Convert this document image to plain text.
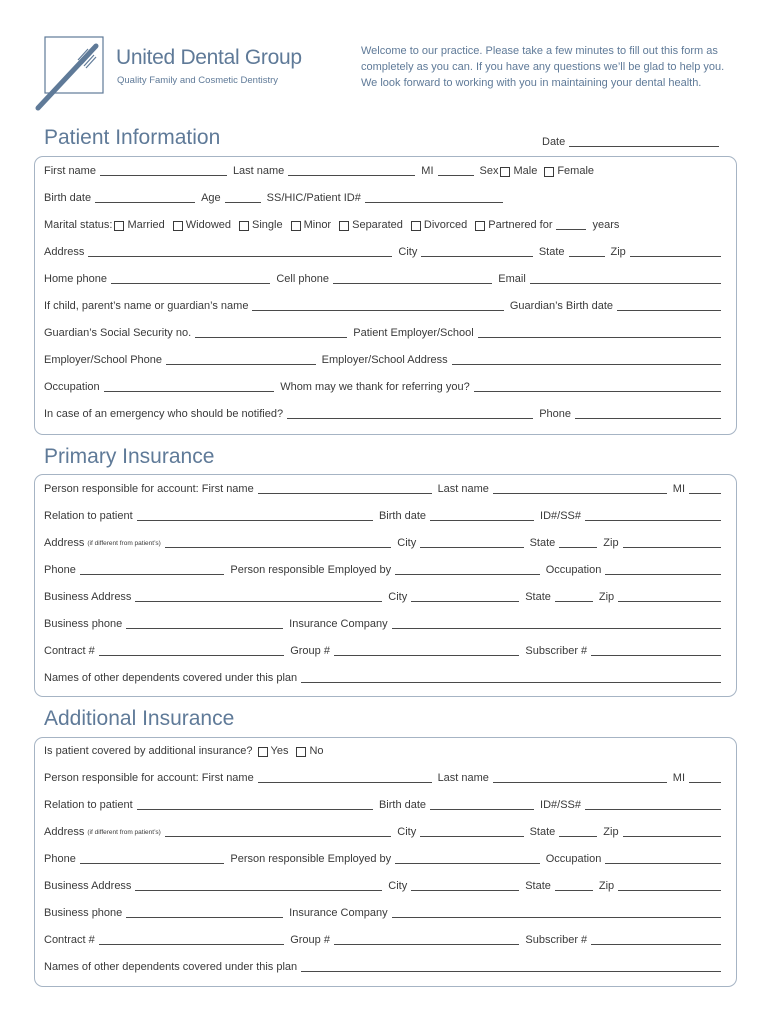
United Dental Group
Quality Family and Cosmetic Dentistry
Welcome to our practice. Please take a few minutes to fill out this form as
completely as you can. If you have any questions we’ll be glad to help you.
We look forward to working with you in maintaining your dental health.
Patient Information	Date
First name	Last name	MI	Sex Male Female
Birth date	Age	SS/HIC/Patient ID#
Marital status: Married Widowed Single Minor Separated Divorced Partnered for	years
Address	City	State	Zip
Home phone	Cell phone	Email
If child, parent’s name or guardian’s name	Guardian’s Birth date
Guardian’s Social Security no.	Patient Employer/School
Employer/School Phone	Employer/School Address
Occupation	Whom may we thank for referring you?
In case of an emergency who should be notified?	Phone
Primary Insurance
Person responsible for account: First name	Last name	MI
Relation to patient	Birth date	ID#/SS#
Address (if different from patient’s)	City	State	Zip
Phone	Person responsible Employed by	Occupation
Business Address	City	State	Zip
Business phone	Insurance Company
Contract #	Group #	Subscriber #
Names of other dependents covered under this plan
Additional Insurance
Is patient covered by additional insurance? Yes No
Person responsible for account: First name	Last name	MI
Relation to patient	Birth date	ID#/SS#
Address (if different from patient’s)	City	State	Zip
Phone	Person responsible Employed by	Occupation
Business Address	City	State	Zip
Business phone	Insurance Company
Contract #	Group #	Subscriber #
Names of other dependents covered under this plan
